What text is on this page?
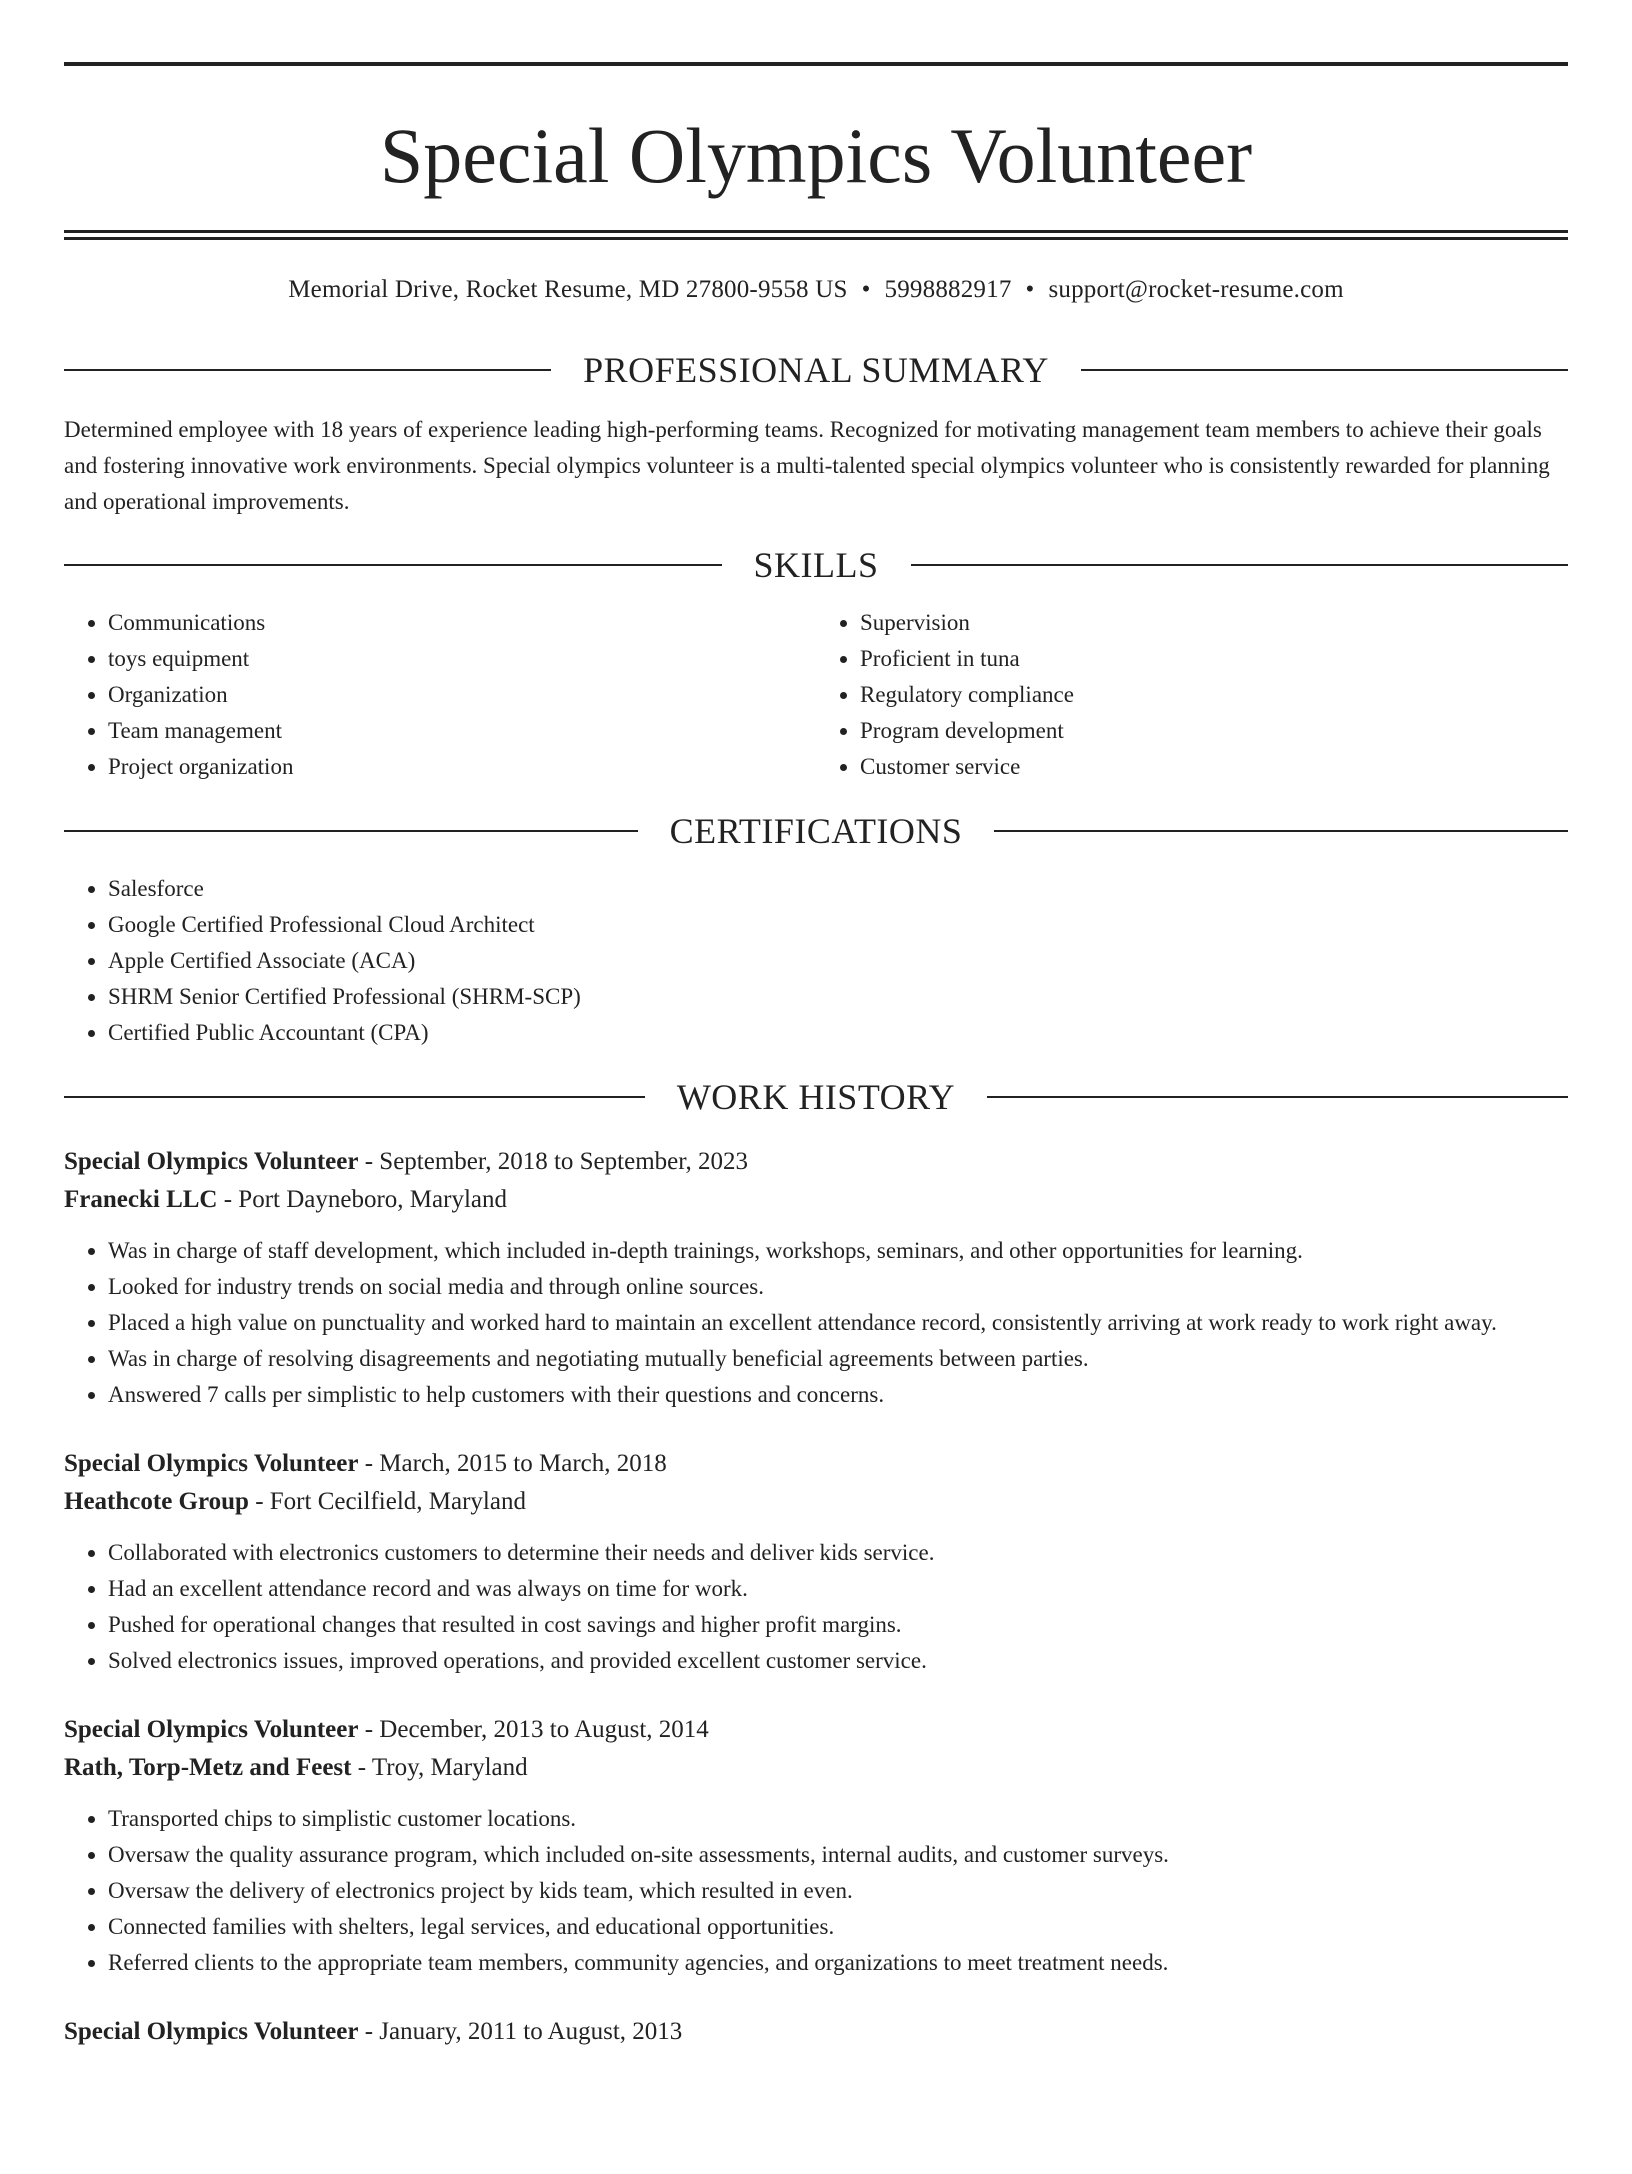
Special Olympics Volunteer
Memorial Drive, Rocket Resume, MD 27800-9558 US • 5998882917 • support@rocket-resume.com
PROFESSIONAL SUMMARY

Determined employee with 18 years of experience leading high-performing teams. Recognized for motivating management team members to achieve their goals and fostering innovative work environments. Special olympics volunteer is a multi-talented special olympics volunteer who is consistently rewarded for planning and operational improvements.

SKILLS
• Communications
• toys equipment
• Organization
• Team management
• Project organization
• Supervision
• Proficient in tuna
• Regulatory compliance
• Program development
• Customer service
CERTIFICATIONS
• Salesforce
• Google Certified Professional Cloud Architect
• Apple Certified Associate (ACA)
• SHRM Senior Certified Professional (SHRM-SCP)
• Certified Public Accountant (CPA)
WORK HISTORY
Special Olympics Volunteer - September, 2018 to September, 2023
Franecki LLC - Port Dayneboro, Maryland
• Was in charge of staff development, which included in-depth trainings, workshops, seminars, and other opportunities for learning.
• Looked for industry trends on social media and through online sources.
• Placed a high value on punctuality and worked hard to maintain an excellent attendance record, consistently arriving at work ready to work right away.
• Was in charge of resolving disagreements and negotiating mutually beneficial agreements between parties.
• Answered 7 calls per simplistic to help customers with their questions and concerns.
Special Olympics Volunteer - March, 2015 to March, 2018
Heathcote Group - Fort Cecilfield, Maryland
• Collaborated with electronics customers to determine their needs and deliver kids service.
• Had an excellent attendance record and was always on time for work.
• Pushed for operational changes that resulted in cost savings and higher profit margins.
• Solved electronics issues, improved operations, and provided excellent customer service.
Special Olympics Volunteer - December, 2013 to August, 2014
Rath, Torp-Metz and Feest - Troy, Maryland
• Transported chips to simplistic customer locations.
• Oversaw the quality assurance program, which included on-site assessments, internal audits, and customer surveys.
• Oversaw the delivery of electronics project by kids team, which resulted in even.
• Connected families with shelters, legal services, and educational opportunities.
• Referred clients to the appropriate team members, community agencies, and organizations to meet treatment needs.
Special Olympics Volunteer - January, 2011 to August, 2013
